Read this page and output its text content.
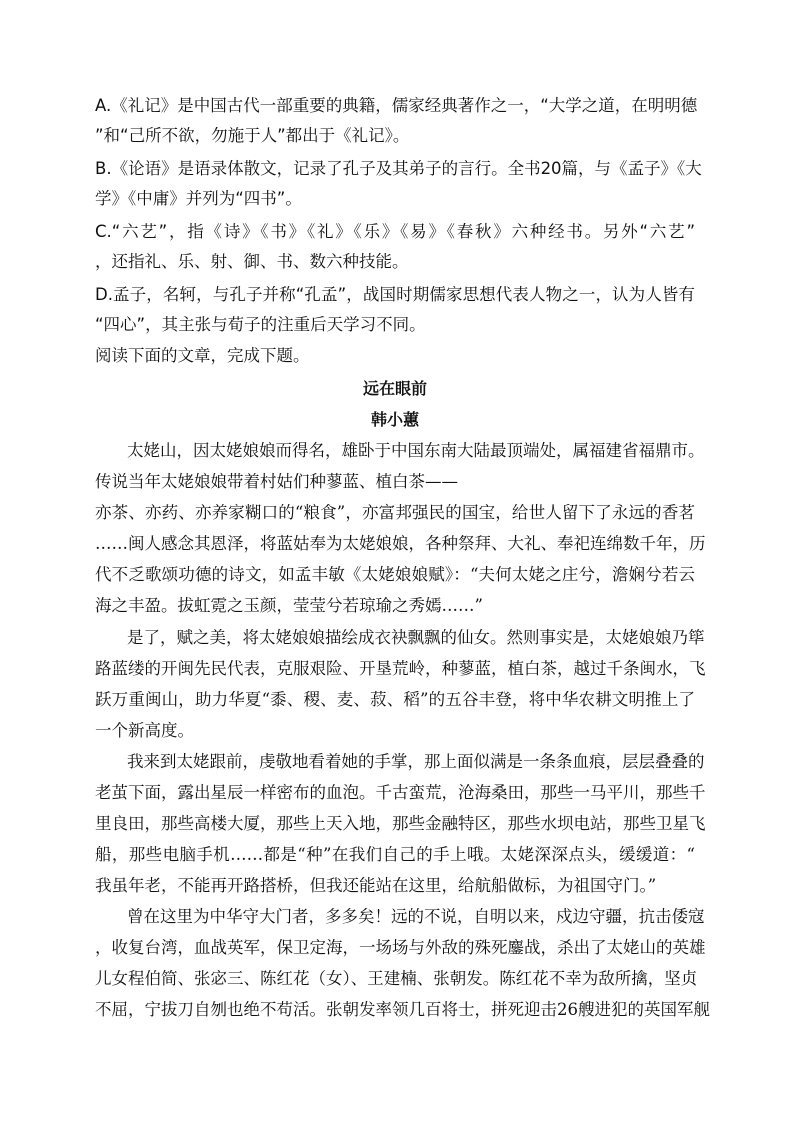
A.《礼记》是中国古代一部重要的典籍，儒家经典著作之一，“大学之道，在明明德
”和“己所不欲，勿施于人”都出于《礼记》。
B.《论语》是语录体散文，记录了孔子及其弟子的言行。全书20篇，与《孟子》《大
学》《中庸》并列为“四书”。
C.“六艺”，指《诗》《书》《礼》《乐》《易》《春秋》六种经书。另外“六艺”
，还指礼、乐、射、御、书、数六种技能。
D.孟子，名轲，与孔子并称“孔孟”，战国时期儒家思想代表人物之一，认为人皆有
“四心”，其主张与荀子的注重后天学习不同。
阅读下面的文章，完成下题。
远在眼前
韩小蕙
太姥山，因太姥娘娘而得名，雄卧于中国东南大陆最顶端处，属福建省福鼎市。
传说当年太姥娘娘带着村姑们种蓼蓝、植白茶——
亦茶、亦药、亦养家糊口的“粮食”，亦富邦强民的国宝，给世人留下了永远的香茗
……闽人感念其恩泽，将蓝姑奉为太姥娘娘，各种祭拜、大礼、奉祀连绵数千年，历
代不乏歌颂功德的诗文，如孟丰敏《太姥娘娘赋》：“夫何太姥之庄兮，澹娴兮若云
海之丰盈。拔虹霓之玉颜，莹莹兮若琼瑜之秀嫣……”
是了，赋之美，将太姥娘娘描绘成衣袂飘飘的仙女。然则事实是，太姥娘娘乃筚
路蓝缕的开闽先民代表，克服艰险、开垦荒岭，种蓼蓝，植白茶，越过千条闽水，飞
跃万重闽山，助力华夏“黍、稷、麦、菽、稻”的五谷丰登，将中华农耕文明推上了
一个新高度。
我来到太姥跟前，虔敬地看着她的手掌，那上面似满是一条条血痕，层层叠叠的
老茧下面，露出星辰一样密布的血泡。千古蛮荒，沧海桑田，那些一马平川，那些千
里良田，那些高楼大厦，那些上天入地，那些金融特区，那些水坝电站，那些卫星飞
船，那些电脑手机……都是“种”在我们自己的手上哦。太姥深深点头，缓缓道：“
我虽年老，不能再开路搭桥，但我还能站在这里，给航船做标，为祖国守门。”
曾在这里为中华守大门者，多多矣！远的不说，自明以来，戍边守疆，抗击倭寇
，收复台湾，血战英军，保卫定海，一场场与外敌的殊死鏖战，杀出了太姥山的英雄
儿女程伯简、张宓三、陈红花（女）、王建楠、张朝发。陈红花不幸为敌所擒，坚贞
不屈，宁拔刀自刎也绝不苟活。张朝发率领几百将士，拼死迎击26艘进犯的英国军舰
